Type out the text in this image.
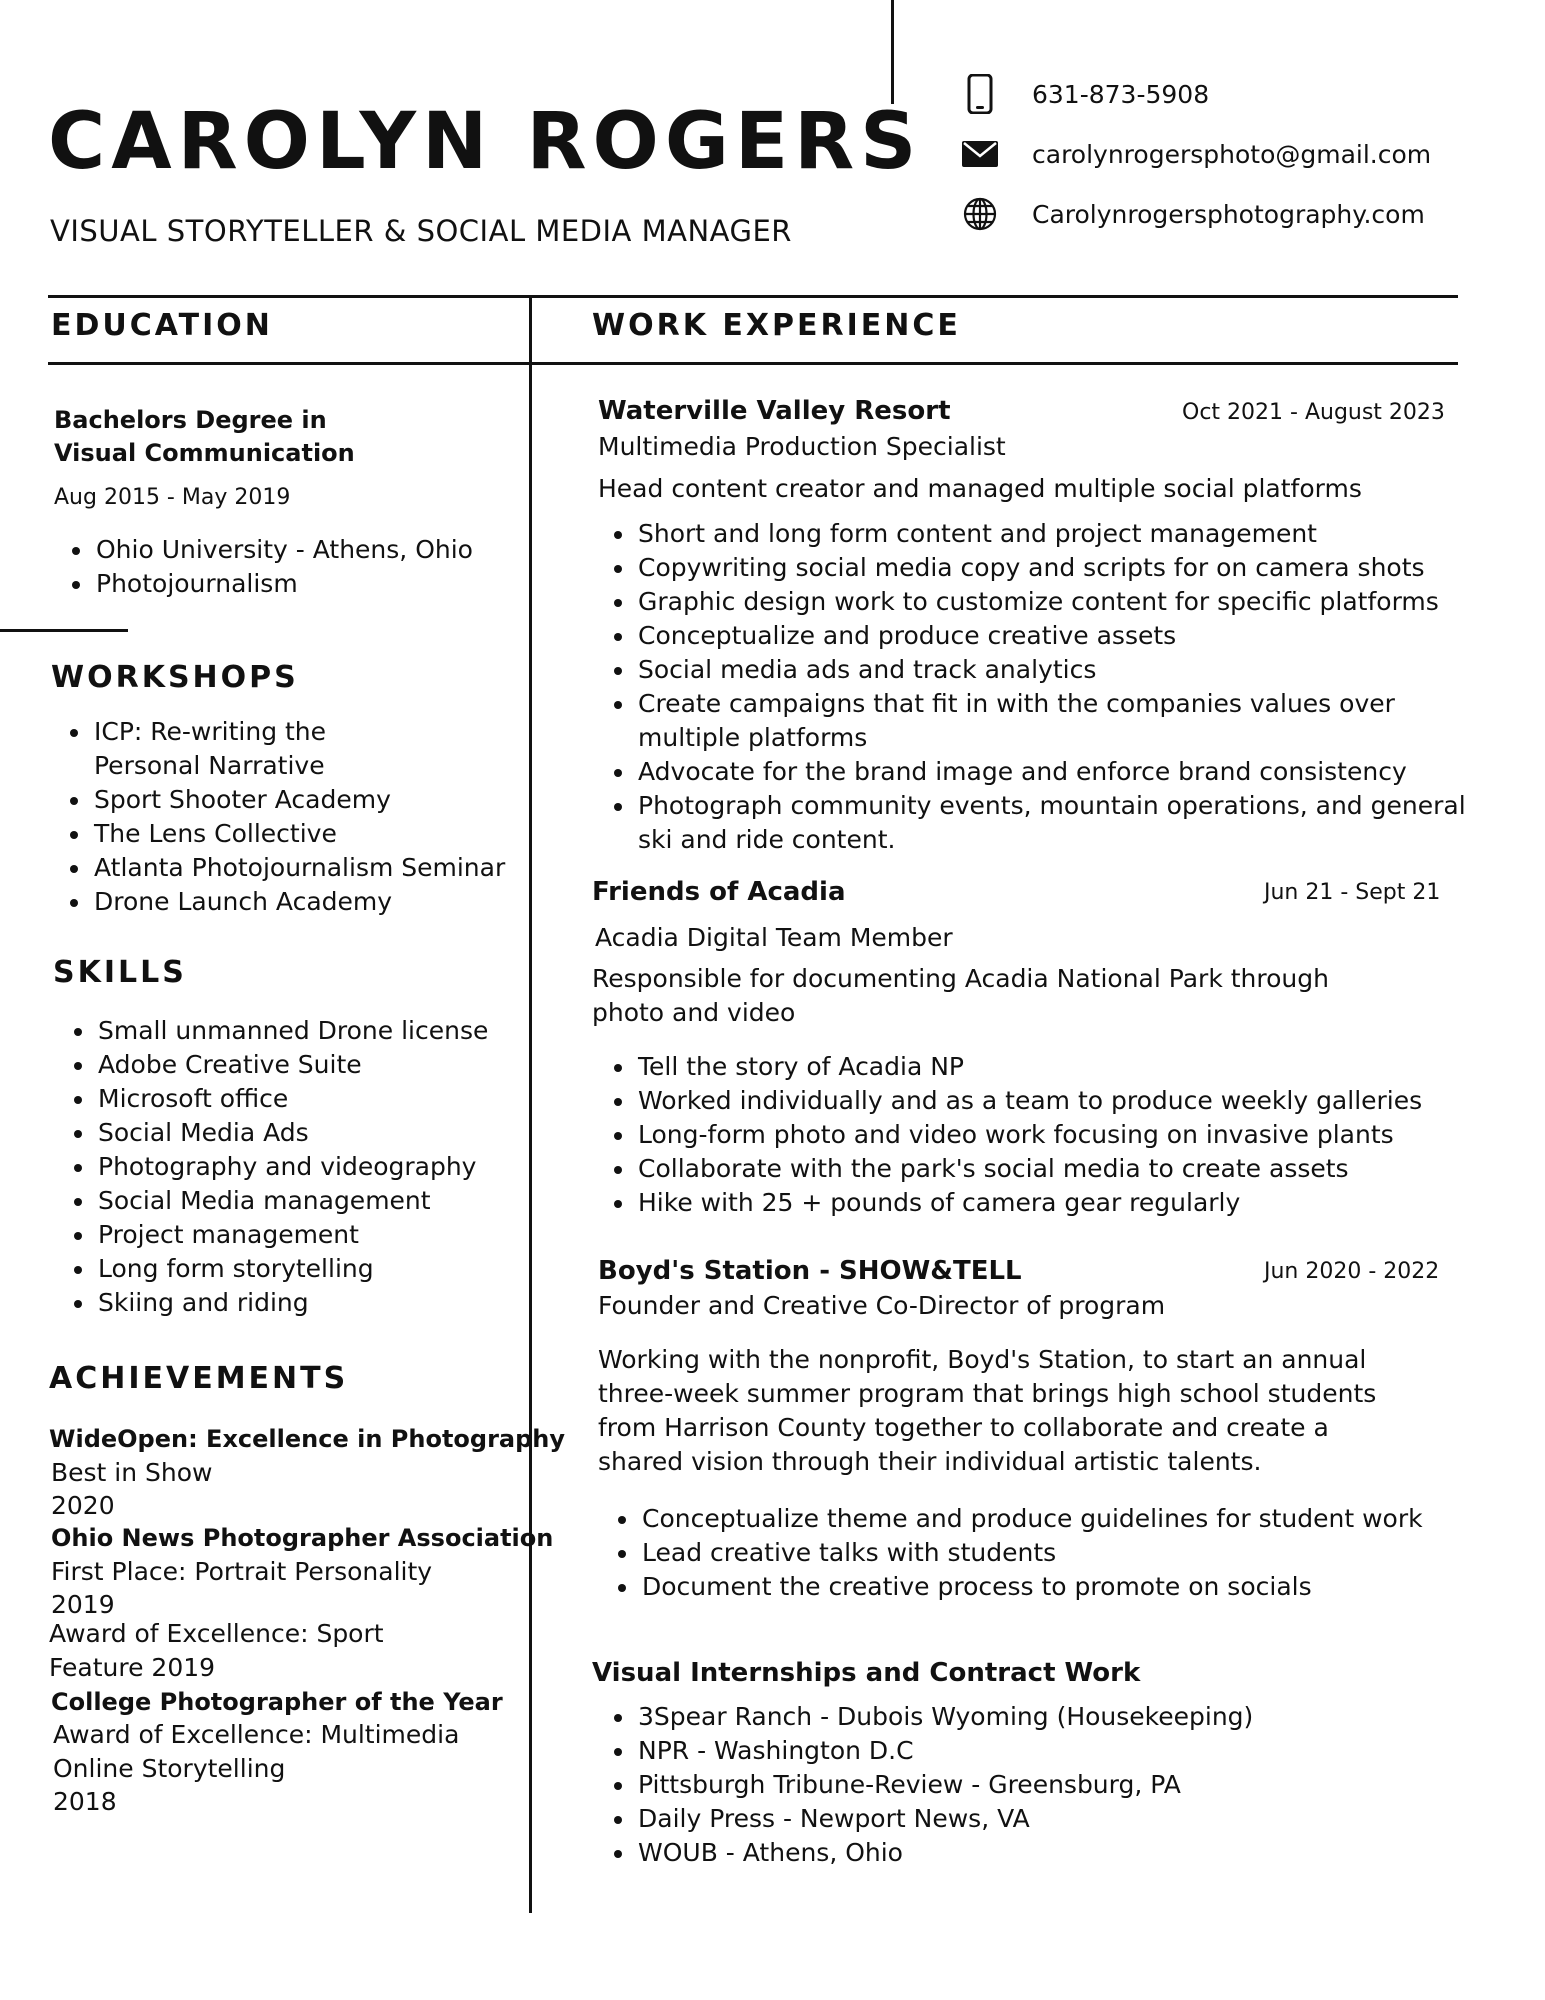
CAROLYN ROGERS
VISUAL STORYTELLER & SOCIAL MEDIA MANAGER
631-873-5908
carolynrogersphoto@gmail.com
Carolynrogersphotography.com
EDUCATION	WORK EXPERIENCE
Bachelors Degree in
Visual Communication
Aug 2015 - May 2019
• Ohio University - Athens, Ohio
• Photojournalism
WORKSHOPS
• ICP: Re-writing the Personal Narrative
• Sport Shooter Academy
• The Lens Collective
• Atlanta Photojournalism Seminar
• Drone Launch Academy
SKILLS
• Small unmanned Drone license
• Adobe Creative Suite
• Microsoft office
• Social Media Ads
• Photography and videography
• Social Media management
• Project management
• Long form storytelling
• Skiing and riding
ACHIEVEMENTS
WideOpen: Excellence in Photography
Best in Show
2020
Ohio News Photographer Association
First Place: Portrait Personality
2019
Award of Excellence: Sport
Feature 2019
College Photographer of the Year
Award of Excellence: Multimedia
Online Storytelling
2018
Waterville Valley Resort	Oct 2021 - August 2023
Multimedia Production Specialist
Head content creator and managed multiple social platforms
• Short and long form content and project management
• Copywriting social media copy and scripts for on camera shots
• Graphic design work to customize content for specific platforms
• Conceptualize and produce creative assets
• Social media ads and track analytics
• Create campaigns that fit in with the companies values over multiple platforms
• Advocate for the brand image and enforce brand consistency
• Photograph community events, mountain operations, and general ski and ride content.
Friends of Acadia	Jun 21 - Sept 21
Acadia Digital Team Member
Responsible for documenting Acadia National Park through photo and video
• Tell the story of Acadia NP
• Worked individually and as a team to produce weekly galleries
• Long-form photo and video work focusing on invasive plants
• Collaborate with the park's social media to create assets
• Hike with 25 + pounds of camera gear regularly
Boyd's Station - SHOW&TELL	Jun 2020 - 2022
Founder and Creative Co-Director of program
Working with the nonprofit, Boyd's Station, to start an annual three-week summer program that brings high school students from Harrison County together to collaborate and create a shared vision through their individual artistic talents.
• Conceptualize theme and produce guidelines for student work
• Lead creative talks with students
• Document the creative process to promote on socials
Visual Internships and Contract Work
• 3Spear Ranch - Dubois Wyoming (Housekeeping)
• NPR - Washington D.C
• Pittsburgh Tribune-Review - Greensburg, PA
• Daily Press - Newport News, VA
• WOUB - Athens, Ohio
